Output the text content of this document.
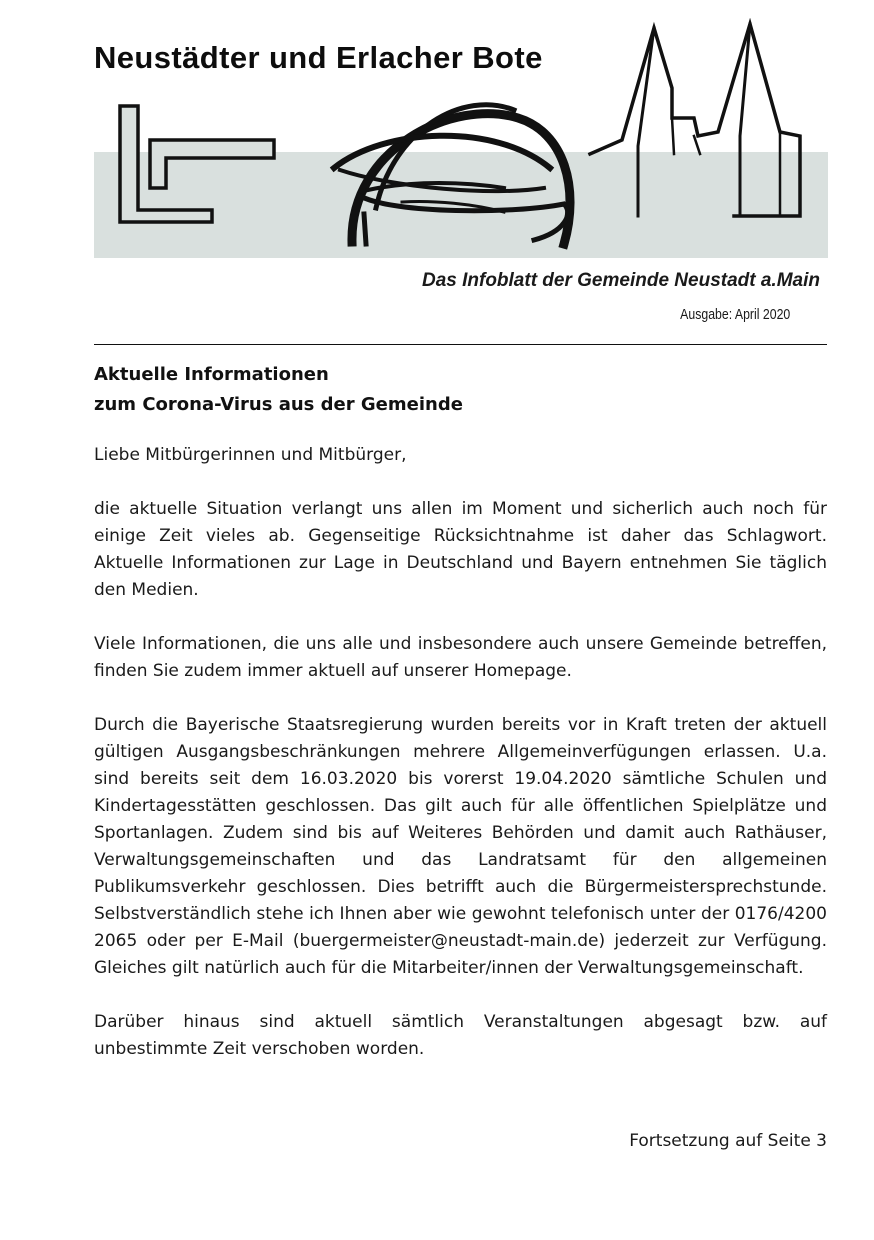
Neustädter und Erlacher Bote

Das Infoblatt der Gemeinde Neustadt a.Main

Ausgabe: April 2020

Aktuelle Informationen
zum Corona-Virus aus der Gemeinde

Liebe Mitbürgerinnen und Mitbürger,

die aktuelle Situation verlangt uns allen im Moment und sicherlich auch noch für einige Zeit vieles ab. Gegenseitige Rücksichtnahme ist daher das Schlagwort. Aktuelle Informationen zur Lage in Deutschland und Bayern entnehmen Sie täglich den Medien.

Viele Informationen, die uns alle und insbesondere auch unsere Gemeinde betreffen, finden Sie zudem immer aktuell auf unserer Homepage.

Durch die Bayerische Staatsregierung wurden bereits vor in Kraft treten der aktuell gültigen Ausgangsbeschränkungen mehrere Allgemeinverfügungen erlassen. U.a. sind bereits seit dem 16.03.2020 bis vorerst 19.04.2020 sämtliche Schulen und Kindertagesstätten geschlossen. Das gilt auch für alle öffentlichen Spielplätze und Sportanlagen. Zudem sind bis auf Weiteres Behörden und damit auch Rathäuser, Verwaltungsgemeinschaften und das Landratsamt für den allgemeinen Publikumsverkehr geschlossen. Dies betrifft auch die Bürgermeistersprechstunde. Selbstverständlich stehe ich Ihnen aber wie gewohnt telefonisch unter der 0176/4200 2065 oder per E-Mail (buergermeister@neustadt-main.de) jederzeit zur Verfügung. Gleiches gilt natürlich auch für die Mitarbeiter/innen der Verwaltungsgemeinschaft.

Darüber hinaus sind aktuell sämtlich Veranstaltungen abgesagt bzw. auf unbestimmte Zeit verschoben worden.

Fortsetzung auf Seite 3
